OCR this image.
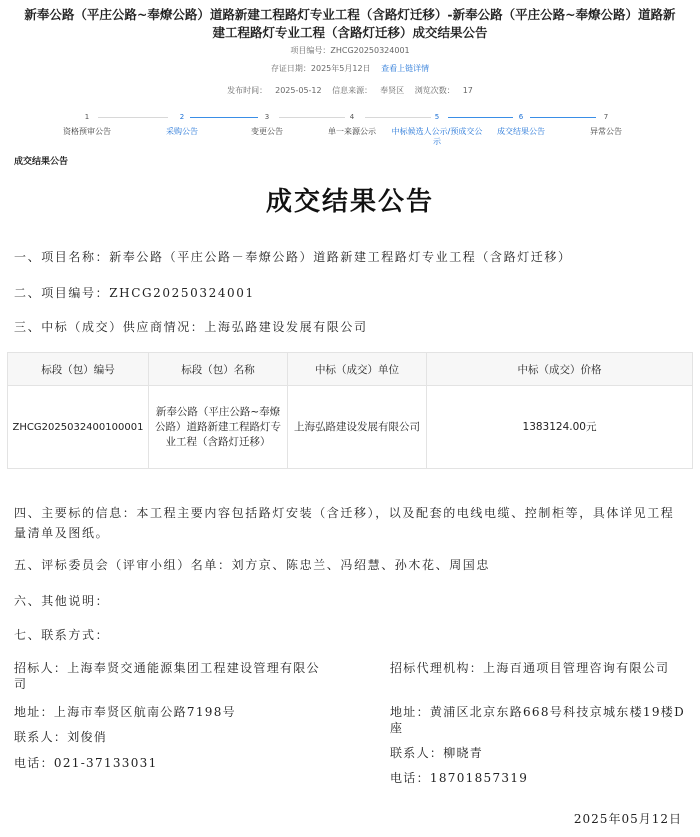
新奉公路（平庄公路~奉燎公路）道路新建工程路灯专业工程（含路灯迁移）-新奉公路（平庄公路~奉燎公路）道路新建工程路灯专业工程（含路灯迁移）成交结果公告
项目编号：ZHCG20250324001
存证日期：2025年5月12日 查看上链详情
发布时间： 2025-05-12 信息来源： 奉贤区 浏览次数： 17
1
资格预审公告
2
采购公告
3
变更公告
4
单一来源公示
5
中标候选人公示/预成交公示
6
成交结果公告
7
异常公告
成交结果公告
成交结果公告
一、项目名称：新奉公路（平庄公路－奉燎公路）道路新建工程路灯专业工程（含路灯迁移）
二、项目编号：ZHCG20250324001
三、中标（成交）供应商情况：上海弘路建设发展有限公司
标段（包）编号	标段（包）名称	中标（成交）单位	中标（成交）价格
ZHCG2025032400100001	新奉公路（平庄公路~奉燎公路）道路新建工程路灯专业工程（含路灯迁移）	上海弘路建设发展有限公司	1383124.00元
四、主要标的信息：本工程主要内容包括路灯安装（含迁移），以及配套的电线电缆、控制柜等，具体详见工程量清单及图纸。
五、评标委员会（评审小组）名单：刘方京、陈忠兰、冯绍慧、孙木花、周国忠
六、其他说明：
七、联系方式：
招标人：上海奉贤交通能源集团工程建设管理有限公司
地址：上海市奉贤区航南公路7198号
联系人：刘俊俏
电话：021-37133031
招标代理机构：上海百通项目管理咨询有限公司
地址：黄浦区北京东路668号科技京城东楼19楼D座
联系人：柳晓青
电话：18701857319
2025年05月12日
